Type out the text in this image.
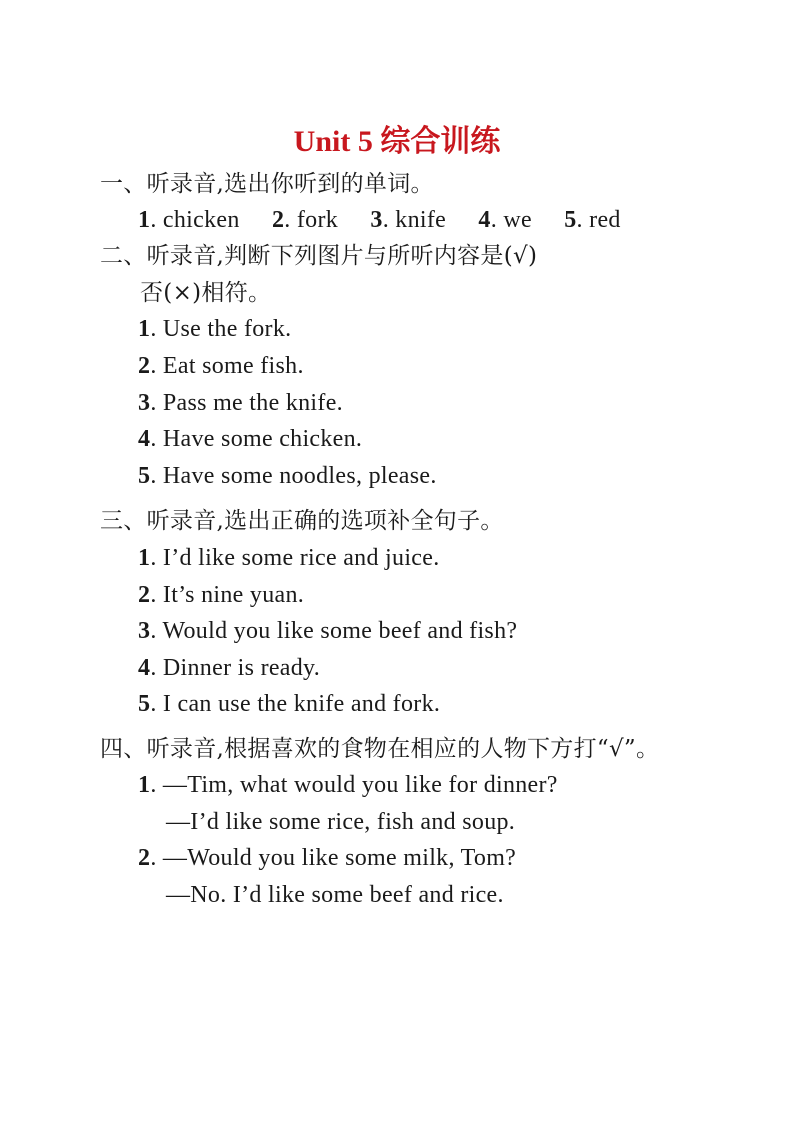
Unit 5 综合训练
一、听录音,选出你听到的单词。
1. chicken 2. fork 3. knife 4. we 5. red
二、听录音,判断下列图片与所听内容是(√)
否(×)相符。
1. Use the fork.
2. Eat some fish.
3. Pass me the knife.
4. Have some chicken.
5. Have some noodles, please.
三、听录音,选出正确的选项补全句子。
1. I’d like some rice and juice.
2. It’s nine yuan.
3. Would you like some beef and fish?
4. Dinner is ready.
5. I can use the knife and fork.
四、听录音,根据喜欢的食物在相应的人物下方打“√”。
1. —Tim, what would you like for dinner?
—I’d like some rice, fish and soup.
2. —Would you like some milk, Tom?
—No. I’d like some beef and rice.
